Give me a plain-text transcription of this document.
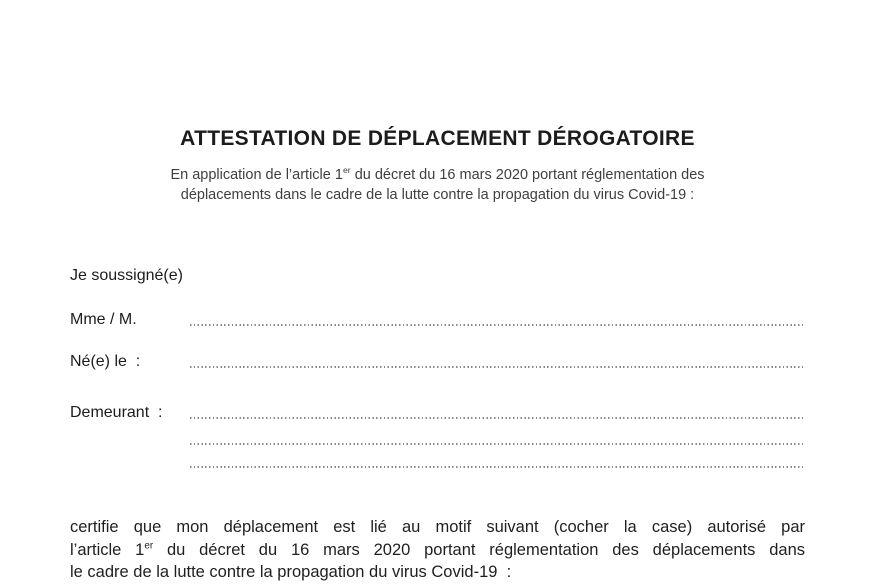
ATTESTATION DE DÉPLACEMENT DÉROGATOIRE
En application de l’article 1er du décret du 16 mars 2020 portant réglementation des
déplacements dans le cadre de la lutte contre la propagation du virus Covid-19 :

Je soussigné(e)

Mme / M.
Né(e) le  :
Demeurant  :
certifie que mon déplacement est lié au motif suivant (cocher la case) autorisé par
l’article 1er du décret du 16 mars 2020 portant réglementation des déplacements dans
le cadre de la lutte contre la propagation du virus Covid-19  :
